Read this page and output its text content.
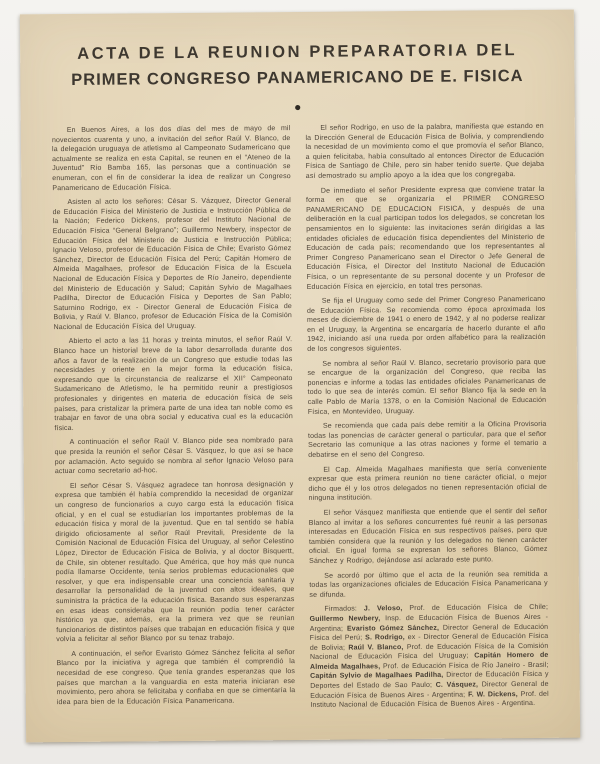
ACTA DE LA REUNION PREPARATORIA DEL
PRIMER CONGRESO PANAMERICANO DE E. FISICA
●

En Buenos Aires, a los dos días del mes de mayo de mil novecientos cuarenta y uno, a invitación del señor Raúl V. Blanco, de la delegación uruguaya de atletismo al Campeonato Sudamericano que actualmente se realiza en esta Capital, se reunen en el “Ateneo de la Juventud” Río Bamba 165, las personas que a continuación se enumeran, con el fin de considerar la idea de realizar un Congreso Panamericano de Educación Física.

Asisten al acto los señores: César S. Vázquez, Director General de Educación Física del Ministerio de Justicia e Instrucción Pública de la Nación; Federico Dickens, profesor del Instituto Nacional de Educación Física “General Belgrano”; Guillermo Newbery, inspector de Educación Física del Ministerio de Justicia e Instrucción Pública; Ignacio Veloso, profesor de Educación Física de Chile; Evaristo Gómez Sánchez, Director de Educación Física del Perú; Capitán Homero de Almeida Magalhaes, profesor de Educación Física de la Escuela Nacional de Educación Física y Deportes de Río Janeiro, dependiente del Ministerio de Educación y Salud; Capitán Sylvio de Magalhaes Padilha, Director de Educación Física y Deportes de San Pablo; Saturnino Rodrigo, ex - Director General de Educación Física de Bolivia, y Raúl V. Blanco, profesor de Educación Física de la Comisión Nacional de Educación Física del Uruguay.

Abierto el acto a las 11 horas y treinta minutos, el señor Raúl V. Blanco hace un historial breve de la labor desarrollada durante dos años a favor de la realización de un Congreso que estudie todas las necesidades y oriente en la mejor forma la educación física, expresando que la circunstancia de realizarse el XII° Campeonato Sudamericano de Atletismo, le ha permitido reunir a prestigiosos profesionales y dirigentes en materia de educación física de seis países, para cristalizar la primera parte de una idea tan noble como es trabajar en favor de una obra social y educativa cual es la educación física.

A continuación el señor Raúl V. Blanco pide sea nombrado para que presida la reunión el señor César S. Vásquez, lo que así se hace por aclamación. Acto seguido se nombra al señor Ignacio Veloso para actuar como secretario ad-hoc.

El señor César S. Vásquez agradece tan honrosa designación y expresa que también él había comprendido la necesidad de organizar un congreso de funcionarios a cuyo cargo está la educación física oficial, y en el cual se estudiarían los importantes problemas de la educación física y moral de la juventud. Que en tal sentido se había dirigido oficiosamente al señor Raúl Previtali, Presidente de la Comisión Nacional de Educación Física del Uruguay, al señor Celestino López, Director de Educación Física de Bolivia, y al doctor Bisquertt, de Chile, sin obtener resultado. Que América, que hoy más que nunca podía llamarse Occidente, tenía serios problemas educacionales que resolver, y que era indispensable crear una conciencia sanitaria y desarrollar la personalidad de la juventud con altos ideales, que suministra la práctica de la educación física. Basando sus esperanzas en esas ideas consideraba que la reunión podía tener carácter histórico ya que, además, era la primera vez que se reunían funcionarios de distintos países que trabajan en educación física y que volvía a felicitar al señor Blanco por su tenaz trabajo.

A continuación, el señor Evaristo Gómez Sánchez felicita al señor Blanco por la iniciativa y agrega que también él comprendió la necesidad de ese congreso. Que tenía grandes esperanzas que los países que marchan a la vanguardia en esta materia iniciaran ese movimiento, pero ahora se felicitaba y confiaba en que se cimentaría la idea para bien de la Educación Física Panamericana.

El señor Rodrigo, en uso de la palabra, manifiesta que estando en la Dirección General de Educación Física de Bolivia, y comprendiendo la necesidad de un movimiento como el que promovía el señor Blanco, a quien felicitaba, había consultado al entonces Director de Educación Física de Santiago de Chile, pero sin haber tenido suerte. Que dejaba así demostrado su amplio apoyo a la idea que los congregaba.

De inmediato el señor Presidente expresa que conviene tratar la forma en que se organizaría el PRIMER CONGRESO PANAMERICANO DE EDUCACION FISICA, y después de una deliberación en la cual participan todos los delegados, se concretan los pensamientos en lo siguiente: las invitaciones serán dirigidas a las entidades oficiales de educación física dependientes del Ministerio de Educación de cada país; recomendando que los representantes al Primer Congreso Panamericano sean el Director o Jefe General de Educación Física, el Director del Instituto Nacional de Educación Física, o un representante de su personal docente y un Profesor de Educación Física en ejercicio, en total tres personas.

Se fija el Uruguay como sede del Primer Congreso Panamericano de Educación Física. Se recomienda como época aproximada los meses de diciembre de 1941 o enero de 1942, y al no poderse realizar en el Uruguay, la Argentina se encargaría de hacerlo durante el año 1942, iniciando así una rueda por orden alfabético para la realización de los congresos siguientes.

Se nombra al señor Raúl V. Blanco, secretario provisorio para que se encargue de la organización del Congreso, que reciba las ponencias e informe a todas las entidades oficiales Panamericanas de todo lo que sea de interés común. El señor Blanco fija la sede en la calle Pablo de María 1378, o en la Comisión Nacional de Educación Física, en Montevideo, Uruguay.

Se recomienda que cada país debe remitir a la Oficina Provisoria todas las ponencias de carácter general o particular, para que el señor Secretario las comunique a las otras naciones y forme el temario a debatirse en el seno del Congreso.

El Cap. Almeida Magalhaes manifiesta que sería conveniente expresar que esta primera reunión no tiene carácter oficial, o mejor dicho que él y los otros delegados no tienen representación oficial de ninguna institución.

El señor Vásquez manifiesta que entiende que el sentir del señor Blanco al invitar a los señores concurrentes fué reunir a las personas interesadas en Educación Física en sus respectivos países, pero que también considera que la reunión y los delegados no tienen carácter oficial. En igual forma se expresan los señores Blanco, Gómez Sánchez y Rodrigo, dejándose así aclarado este punto.

Se acordó por último que el acta de la reunión sea remitida a todas las organizaciones oficiales de Educación Física Panamericana y se difunda.

Firmados: J. Veloso, Prof. de Educación Física de Chile; Guillermo Newbery, Insp. de Educación Física de Buenos Aires - Argentina; Evaristo Gómez Sánchez, Director General de Educación Física del Perú; S. Rodrigo, ex - Director General de Educación Física de Bolivia; Raúl V. Blanco, Prof. de Educación Física de la Comisión Nacional de Educación Física del Uruguay; Capitán Homero de Almeida Magalhaes, Prof. de Educación Física de Río Janeiro - Brasil; Capitán Sylvio de Magalhaes Padilha, Director de Educación Física y Deportes del Estado de Sao Paulo; C. Vásquez, Director General de Educación Física de Buenos Aires - Argentina; F. W. Dickens, Prof. del Instituto Nacional de Educación Física de Buenos Aires - Argentina.
